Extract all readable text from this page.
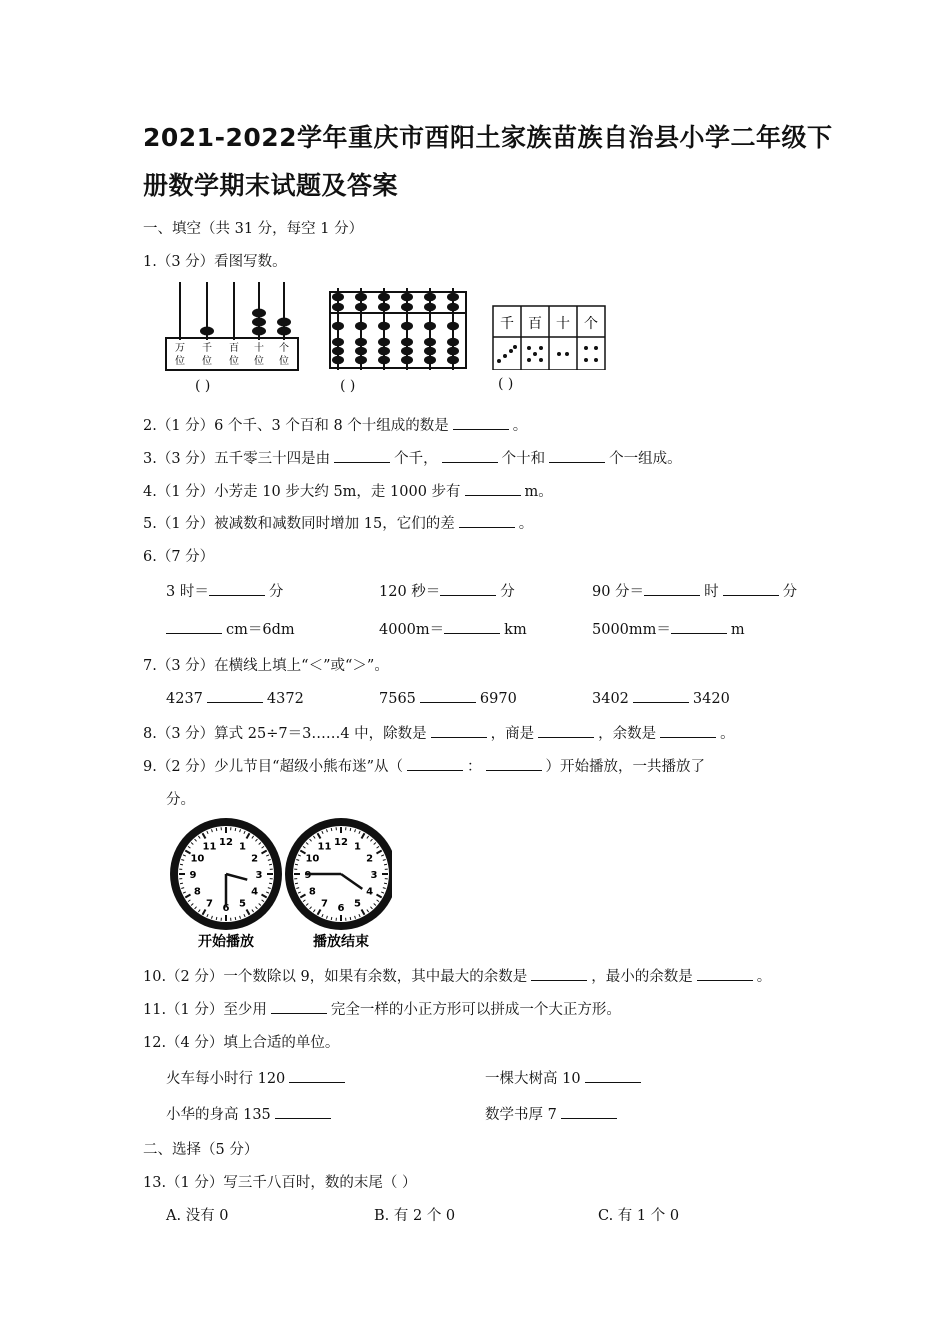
2021-2022学年重庆市酉阳土家族苗族自治县小学二年级下
册数学期末试题及答案
一、填空（共 31 分，每空 1 分）
1.（3 分）看图写数。
万
位
千
位
百
位
十
位
个
位
( )	( )
千 百 十 个
( )
2.（1 分）6 个千、3 个百和 8 个十组成的数是	。
3.（3 分）五千零三十四是由	个千，	个十和	个一组成。
4.（1 分）小芳走 10 步大约 5m，走 1000 步有	m。
5.（1 分）被减数和减数同时增加 15，它们的差	。
6.（7 分）
3 时＝	分	120 秒＝	分	90 分＝	时	分
cm＝6dm	4000m＝	km	5000mm＝	m
7.（3 分）在横线上填上“＜”或“＞”。
4237	4372	7565	6970	3402	3420
8.（3 分）算式 25÷7＝3……4 中，除数是	，商是	，余数是	。
9.（2 分）少儿节目“超级小熊布迷”从（	：	）开始播放，一共播放了
分。
12 1
2
3
4
5
6
7
8
9
10
11	12 1
2
3
4
5
6
7
8
9
10
11
开始播放	播放结束
10.（2 分）一个数除以 9，如果有余数，其中最大的余数是	，最小的余数是	。
11.（1 分）至少用	完全一样的小正方形可以拼成一个大正方形。
12.（4 分）填上合适的单位。
火车每小时行 120	一棵大树高 10
小华的身高 135	数学书厚 7
二、选择（5 分）
13.（1 分）写三千八百时，数的末尾（ ）
A. 没有 0	B. 有 2 个 0	C. 有 1 个 0
